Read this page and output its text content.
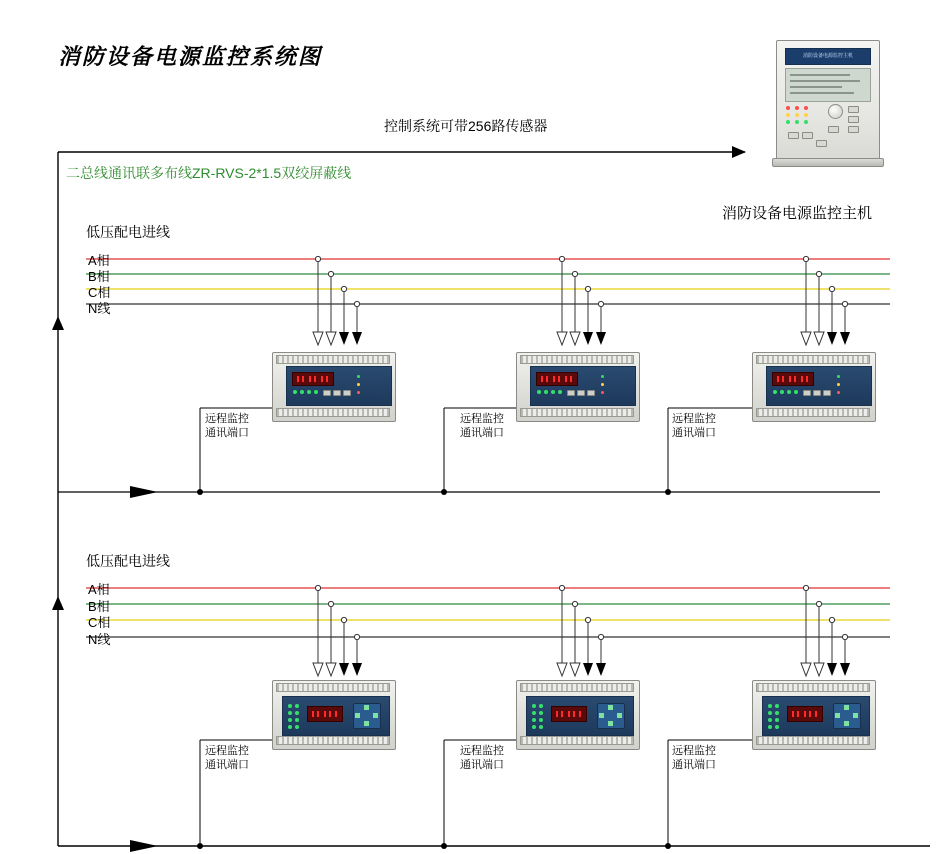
消防设备电源监控系统图
控制系统可带256路传感器
二总线通讯联多布线ZR-RVS-2*1.5双绞屏蔽线
消防设备电源监控主机
低压配电进线
A相
B相
C相
N线
远程监控
通讯端口
远程监控
通讯端口
远程监控
通讯端口
低压配电进线
A相
B相
C相
N线
远程监控
通讯端口
远程监控
通讯端口
远程监控
通讯端口
消防设备电源监控主机
